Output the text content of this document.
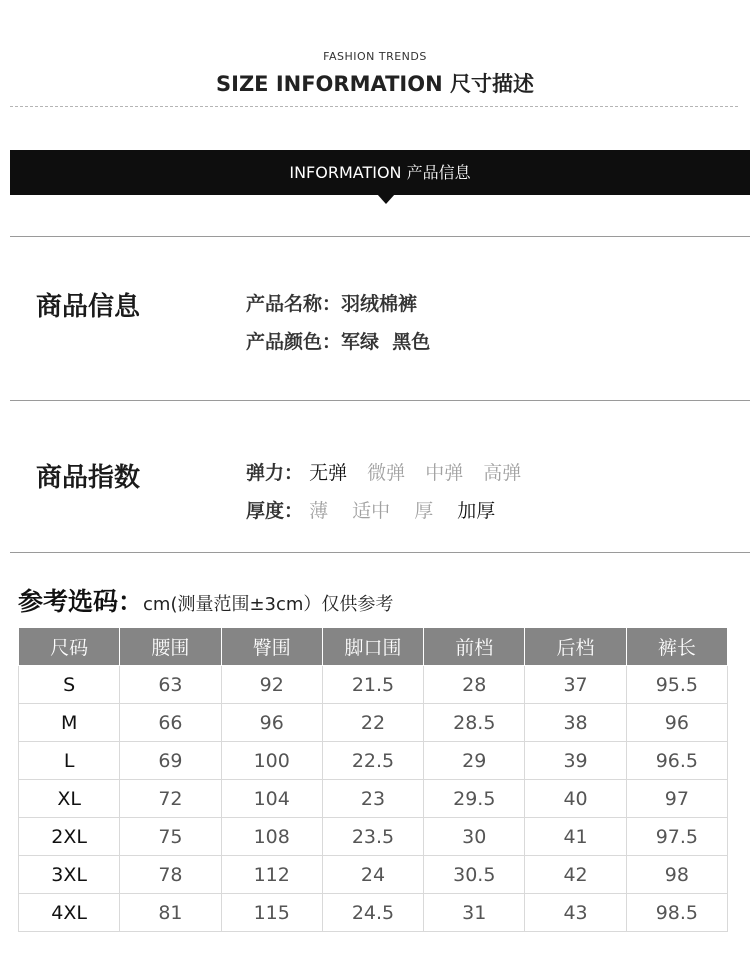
FASHION TRENDS
SIZE INFORMATION 尺寸描述
INFORMATION 产品信息
商品信息	产品名称：羽绒棉裤
产品颜色：军绿  黑色
商品指数	弹力： 无弹 微弹 中弹 高弹
厚度： 薄 适中 厚 加厚
参考选码：cm(测量范围±3cm）仅供参考
尺码	腰围	臀围	脚口围	前档	后档	裤长
S	63	92	21.5	28	37	95.5
M	66	96	22	28.5	38	96
L	69	100	22.5	29	39	96.5
XL	72	104	23	29.5	40	97
2XL	75	108	23.5	30	41	97.5
3XL	78	112	24	30.5	42	98
4XL	81	115	24.5	31	43	98.5
